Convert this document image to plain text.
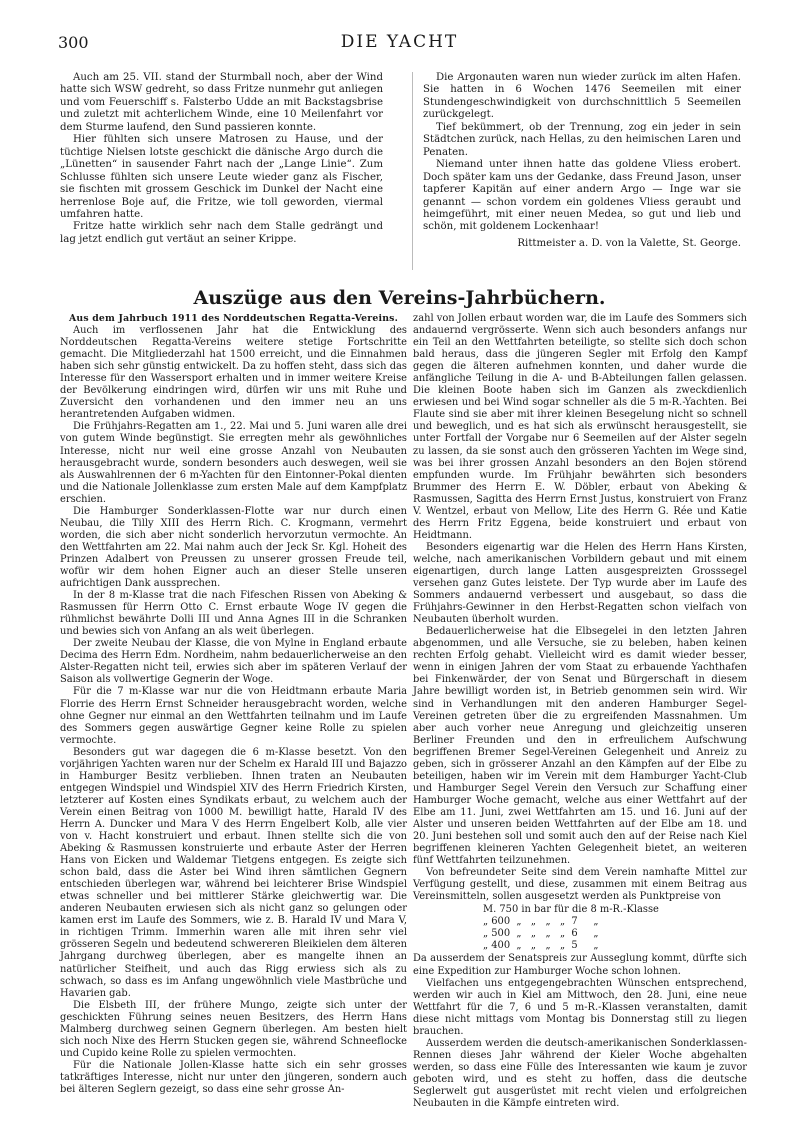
300	DIE YACHT

Auch am 25. VII. stand der Sturmball noch, aber der Wind hatte sich WSW gedreht, so dass Fritze nunmehr gut anliegen und vom Feuerschiff s. Falsterbo Udde an mit Backstagsbrise und zuletzt mit achterlichem Winde, eine 10 Meilenfahrt vor dem Sturme laufend, den Sund passieren konnte.

Hier fühlten sich unsere Matrosen zu Hause, und der tüchtige Nielsen lotste geschickt die dänische Argo durch die „Lünetten“ in sausender Fahrt nach der „Lange Linie“. Zum Schlusse fühlten sich unsere Leute wieder ganz als Fischer, sie fischten mit grossem Geschick im Dunkel der Nacht eine herrenlose Boje auf, die Fritze, wie toll geworden, viermal umfahren hatte.

Fritze hatte wirklich sehr nach dem Stalle gedrängt und lag jetzt endlich gut vertäut an seiner Krippe.

Die Argonauten waren nun wieder zurück im alten Hafen. Sie hatten in 6 Wochen 1476 Seemeilen mit einer Stundengeschwindigkeit von durchschnittlich 5 Seemeilen zurückgelegt.

Tief bekümmert, ob der Trennung, zog ein jeder in sein Städtchen zurück, nach Hellas, zu den heimischen Laren und Penaten.

Niemand unter ihnen hatte das goldene Vliess erobert. Doch später kam uns der Gedanke, dass Freund Jason, unser tapferer Kapitän auf einer andern Argo — Inge war sie genannt — schon vordem ein goldenes Vliess geraubt und heimgeführt, mit einer neuen Medea, so gut und lieb und schön, mit goldenem Lockenhaar!

Rittmeister a. D. von la Valette, St. George.
Auszüge aus den Vereins-Jahrbüchern.
Aus dem Jahrbuch 1911 des Norddeutschen Regatta-Vereins.

Auch im verflossenen Jahr hat die Entwicklung des Norddeutschen Regatta-Vereins weitere stetige Fortschritte gemacht. Die Mitgliederzahl hat 1500 erreicht, und die Einnahmen haben sich sehr günstig entwickelt. Da zu hoffen steht, dass sich das Interesse für den Wassersport erhalten und in immer weitere Kreise der Bevölkerung eindringen wird, dürfen wir uns mit Ruhe und Zuversicht den vorhandenen und den immer neu an uns herantretenden Aufgaben widmen.

Die Frühjahrs-Regatten am 1., 22. Mai und 5. Juni waren alle drei von gutem Winde begünstigt. Sie erregten mehr als gewöhnliches Interesse, nicht nur weil eine grosse Anzahl von Neubauten herausgebracht wurde, sondern besonders auch deswegen, weil sie als Auswahlrennen der 6 m-Yachten für den Eintonner-Pokal dienten und die Nationale Jollenklasse zum ersten Male auf dem Kampfplatz erschien.

Die Hamburger Sonderklassen-Flotte war nur durch einen Neubau, die Tilly XIII des Herrn Rich. C. Krogmann, vermehrt worden, die sich aber nicht sonderlich hervorzutun vermochte. An den Wettfahrten am 22. Mai nahm auch der Jeck Sr. Kgl. Hoheit des Prinzen Adalbert von Preussen zu unserer grossen Freude teil, wofür wir dem hohen Eigner auch an dieser Stelle unseren aufrichtigen Dank aussprechen.

In der 8 m-Klasse trat die nach Fifeschen Rissen von Abeking & Rasmussen für Herrn Otto C. Ernst erbaute Woge IV gegen die rühmlichst bewährte Dolli III und Anna Agnes III in die Schranken und bewies sich von Anfang an als weit überlegen.

Der zweite Neubau der Klasse, die von Mylne in England erbaute Decima des Herrn Edm. Nordheim, nahm bedauerlicherweise an den Alster-Regatten nicht teil, erwies sich aber im späteren Verlauf der Saison als vollwertige Gegnerin der Woge.

Für die 7 m-Klasse war nur die von Heidtmann erbaute Maria Florrie des Herrn Ernst Schneider herausgebracht worden, welche ohne Gegner nur einmal an den Wettfahrten teilnahm und im Laufe des Sommers gegen auswärtige Gegner keine Rolle zu spielen vermochte.

Besonders gut war dagegen die 6 m-Klasse besetzt. Von den vorjährigen Yachten waren nur der Schelm ex Harald III und Bajazzo in Hamburger Besitz verblieben. Ihnen traten an Neubauten entgegen Windspiel und Windspiel XIV des Herrn Friedrich Kirsten, letzterer auf Kosten eines Syndikats erbaut, zu welchem auch der Verein einen Beitrag von 1000 M. bewilligt hatte, Harald IV des Herrn A. Duncker und Mara V des Herrn Engelbert Kolb, alle vier von v. Hacht konstruiert und erbaut. Ihnen stellte sich die von Abeking & Rasmussen konstruierte und erbaute Aster der Herren Hans von Eicken und Waldemar Tietgens entgegen. Es zeigte sich schon bald, dass die Aster bei Wind ihren sämtlichen Gegnern entschieden überlegen war, während bei leichterer Brise Windspiel etwas schneller und bei mittlerer Stärke gleichwertig war. Die anderen Neubauten erwiesen sich als nicht ganz so gelungen oder kamen erst im Laufe des Sommers, wie z. B. Harald IV und Mara V, in richtigen Trimm. Immerhin waren alle mit ihren sehr viel grösseren Segeln und bedeutend schwereren Bleikielen dem älteren Jahrgang durchweg überlegen, aber es mangelte ihnen an natürlicher Steifheit, und auch das Rigg erwiess sich als zu schwach, so dass es im Anfang ungewöhnlich viele Mastbrüche und Havarien gab.

Die Elsbeth III, der frühere Mungo, zeigte sich unter der geschickten Führung seines neuen Besitzers, des Herrn Hans Malmberg durchweg seinen Gegnern überlegen. Am besten hielt sich noch Nixe des Herrn Stucken gegen sie, während Schneeflocke und Cupido keine Rolle zu spielen vermochten.

Für die Nationale Jollen-Klasse hatte sich ein sehr grosses tatkräftiges Interesse, nicht nur unter den jüngeren, sondern auch bei älteren Seglern gezeigt, so dass eine sehr grosse An-

zahl von Jollen erbaut worden war, die im Laufe des Sommers sich andauernd vergrösserte. Wenn sich auch besonders anfangs nur ein Teil an den Wettfahrten beteiligte, so stellte sich doch schon bald heraus, dass die jüngeren Segler mit Erfolg den Kampf gegen die älteren aufnehmen konnten, und daher wurde die anfängliche Teilung in die A- und B-Abteilungen fallen gelassen. Die kleinen Boote haben sich im Ganzen als zweckdienlich erwiesen und bei Wind sogar schneller als die 5 m-R.-Yachten. Bei Flaute sind sie aber mit ihrer kleinen Besegelung nicht so schnell und beweglich, und es hat sich als erwünscht herausgestellt, sie unter Fortfall der Vorgabe nur 6 Seemeilen auf der Alster segeln zu lassen, da sie sonst auch den grösseren Yachten im Wege sind, was bei ihrer grossen Anzahl besonders an den Bojen störend empfunden wurde. Im Frühjahr bewährten sich besonders Brummer des Herrn E. W. Döbler, erbaut von Abeking & Rasmussen, Sagitta des Herrn Ernst Justus, konstruiert von Franz V. Wentzel, erbaut von Mellow, Lite des Herrn G. Rée und Katie des Herrn Fritz Eggena, beide konstruiert und erbaut von Heidtmann.

Besonders eigenartig war die Helen des Herrn Hans Kirsten, welche, nach amerikanischen Vorbildern gebaut und mit einem eigenartigen, durch lange Latten ausgespreizten Grosssegel versehen ganz Gutes leistete. Der Typ wurde aber im Laufe des Sommers andauernd verbessert und ausgebaut, so dass die Frühjahrs-Gewinner in den Herbst-Regatten schon vielfach von Neubauten überholt wurden.

Bedauerlicherweise hat die Elbsegelei in den letzten Jahren abgenommen, und alle Versuche, sie zu beleben, haben keinen rechten Erfolg gehabt. Vielleicht wird es damit wieder besser, wenn in einigen Jahren der vom Staat zu erbauende Yachthafen bei Finkenwärder, der von Senat und Bürgerschaft in diesem Jahre bewilligt worden ist, in Betrieb genommen sein wird. Wir sind in Verhandlungen mit den anderen Hamburger Segel-Vereinen getreten über die zu ergreifenden Massnahmen. Um aber auch vorher neue Anregung und gleichzeitig unseren Berliner Freunden und den in erfreulichem Aufschwung begriffenen Bremer Segel-Vereinen Gelegenheit und Anreiz zu geben, sich in grösserer Anzahl an den Kämpfen auf der Elbe zu beteiligen, haben wir im Verein mit dem Hamburger Yacht-Club und Hamburger Segel Verein den Versuch zur Schaffung einer Hamburger Woche gemacht, welche aus einer Wettfahrt auf der Elbe am 11. Juni, zwei Wettfahrten am 15. und 16. Juni auf der Alster und unseren beiden Wettfahrten auf der Elbe am 18. und 20. Juni bestehen soll und somit auch den auf der Reise nach Kiel begriffenen kleineren Yachten Gelegenheit bietet, an weiteren fünf Wettfahrten teilzunehmen.

Von befreundeter Seite sind dem Verein namhafte Mittel zur Verfügung gestellt, und diese, zusammen mit einem Beitrag aus Vereinsmitteln, sollen ausgesetzt werden als Punktpreise von

M. 750 in bar für die 8 m-R.-Klasse
„ 600  „   „   „   „  7     „
„ 500  „   „   „   „  6     „
„ 400  „   „   „   „  5     „

Da ausserdem der Senatspreis zur Ausseglung kommt, dürfte sich eine Expedition zur Hamburger Woche schon lohnen.

Vielfachen uns entgegengebrachten Wünschen entsprechend, werden wir auch in Kiel am Mittwoch, den 28. Juni, eine neue Wettfahrt für die 7, 6 und 5 m-R.-Klassen veranstalten, damit diese nicht mittags vom Montag bis Donnerstag still zu liegen brauchen.

Ausserdem werden die deutsch-amerikanischen Sonderklassen-Rennen dieses Jahr während der Kieler Woche abgehalten werden, so dass eine Fülle des Interessanten wie kaum je zuvor geboten wird, und es steht zu hoffen, dass die deutsche Seglerwelt gut ausgerüstet mit recht vielen und erfolgreichen Neubauten in die Kämpfe eintreten wird.
